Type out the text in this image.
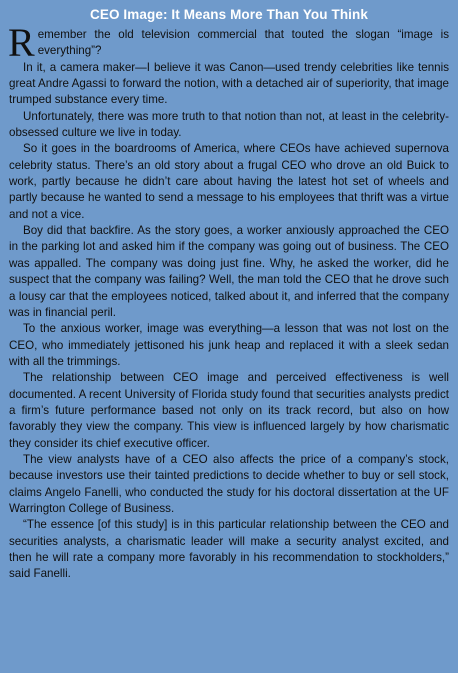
CEO Image: It Means More Than You Think

Remember the old television commercial that touted the slogan “image is everything”?

In it, a camera maker—I believe it was Canon—used trendy celebrities like tennis great Andre Agassi to forward the notion, with a detached air of superiority, that image trumped substance every time.

Unfortunately, there was more truth to that notion than not, at least in the celebrity-obsessed culture we live in today.

So it goes in the boardrooms of America, where CEOs have achieved supernova celebrity status. There’s an old story about a frugal CEO who drove an old Buick to work, partly because he didn’t care about having the latest hot set of wheels and partly because he wanted to send a message to his employees that thrift was a virtue and not a vice.

Boy did that backfire. As the story goes, a worker anxiously approached the CEO in the parking lot and asked him if the company was going out of business. The CEO was appalled. The company was doing just fine. Why, he asked the worker, did he suspect that the company was failing? Well, the man told the CEO that he drove such a lousy car that the employees noticed, talked about it, and inferred that the company was in financial peril.

To the anxious worker, image was everything—a lesson that was not lost on the CEO, who immediately jettisoned his junk heap and replaced it with a sleek sedan with all the trimmings.

The relationship between CEO image and perceived effectiveness is well documented. A recent University of Florida study found that securities analysts predict a firm’s future performance based not only on its track record, but also on how favorably they view the company. This view is influenced largely by how charismatic they consider its chief executive officer.

The view analysts have of a CEO also affects the price of a company’s stock, because investors use their tainted predictions to decide whether to buy or sell stock, claims Angelo Fanelli, who conducted the study for his doctoral dissertation at the UF Warrington College of Business.

“The essence [of this study] is in this particular relationship between the CEO and securities analysts, a charismatic leader will make a security analyst excited, and then he will rate a company more favorably in his recommendation to stockholders,” said Fanelli.
